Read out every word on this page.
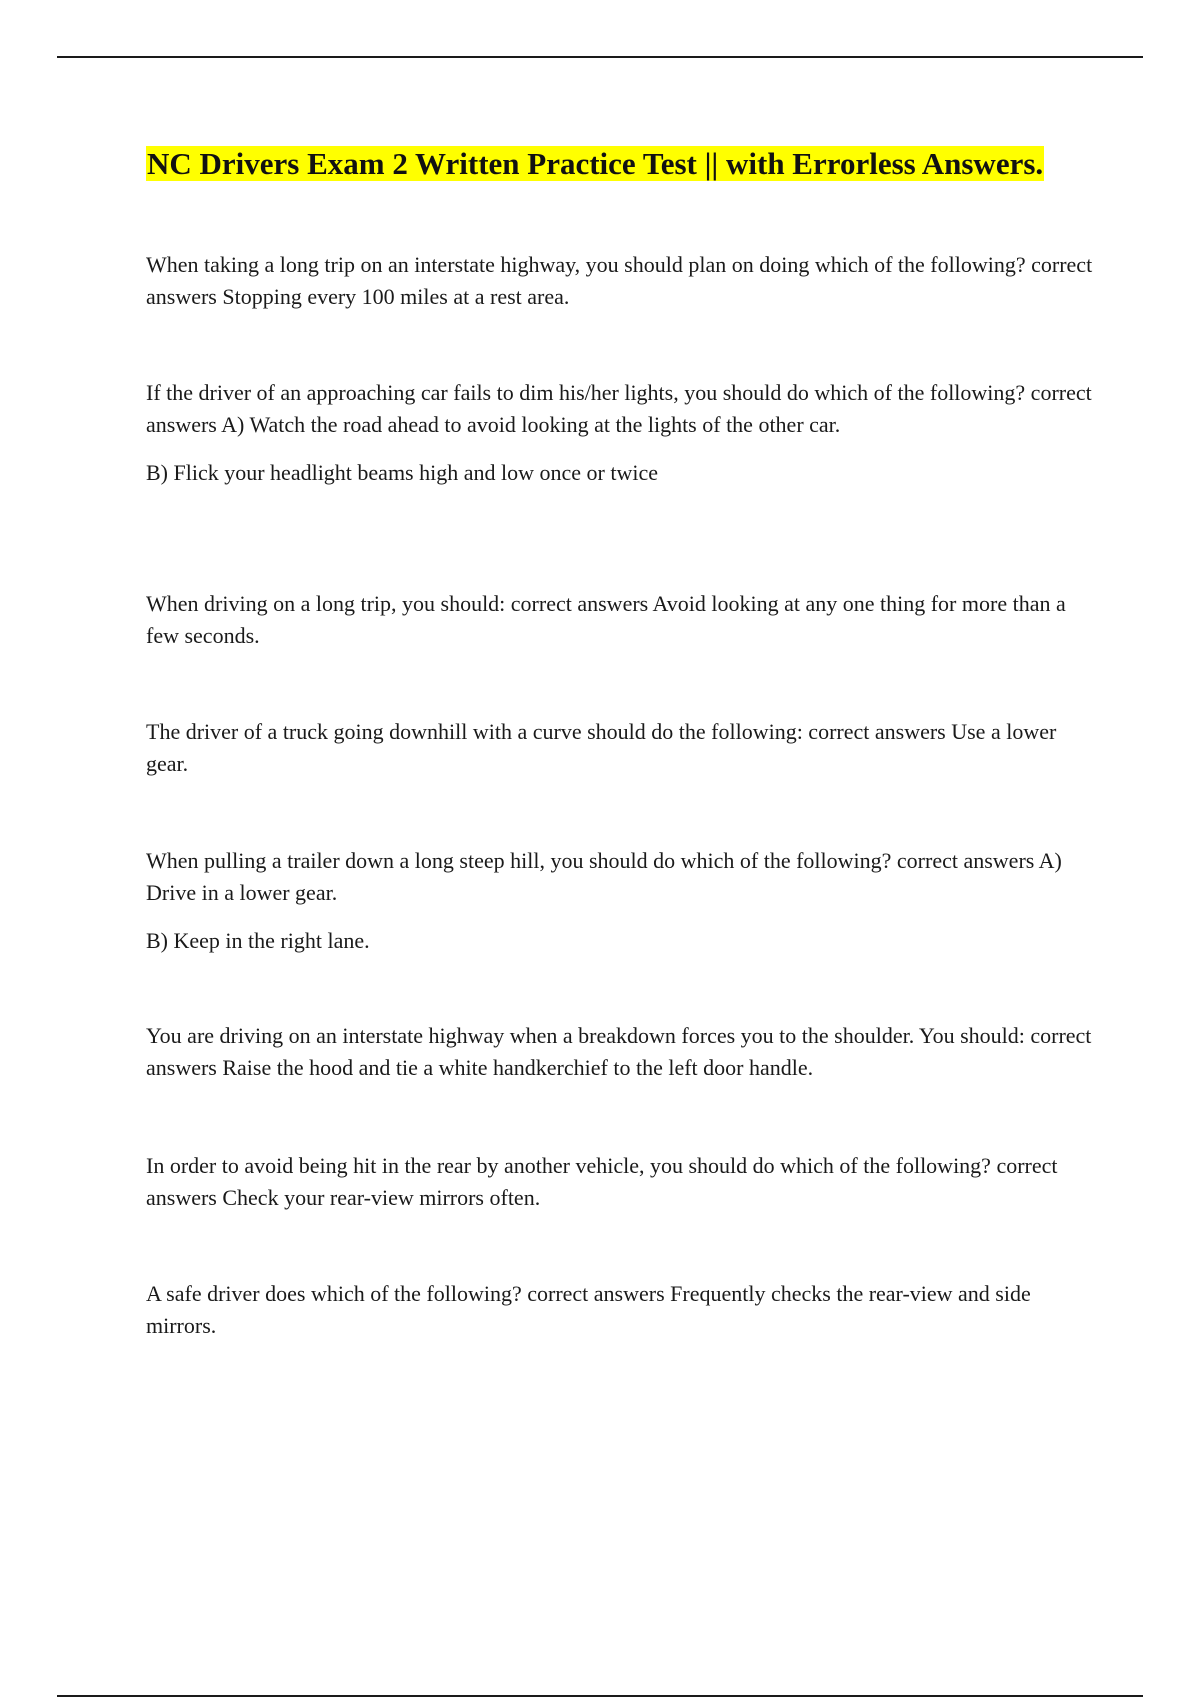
NC Drivers Exam 2 Written Practice Test || with Errorless Answers.

When taking a long trip on an interstate highway, you should plan on doing which of the following? correct answers Stopping every 100 miles at a rest area.

If the driver of an approaching car fails to dim his/her lights, you should do which of the following? correct answers A) Watch the road ahead to avoid looking at the lights of the other car.

B) Flick your headlight beams high and low once or twice

When driving on a long trip, you should: correct answers Avoid looking at any one thing for more than a few seconds.

The driver of a truck going downhill with a curve should do the following: correct answers Use a lower gear.

When pulling a trailer down a long steep hill, you should do which of the following? correct answers A) Drive in a lower gear.

B) Keep in the right lane.

You are driving on an interstate highway when a breakdown forces you to the shoulder. You should: correct answers Raise the hood and tie a white handkerchief to the left door handle.

In order to avoid being hit in the rear by another vehicle, you should do which of the following? correct answers Check your rear-view mirrors often.

A safe driver does which of the following? correct answers Frequently checks the rear-view and side mirrors.
